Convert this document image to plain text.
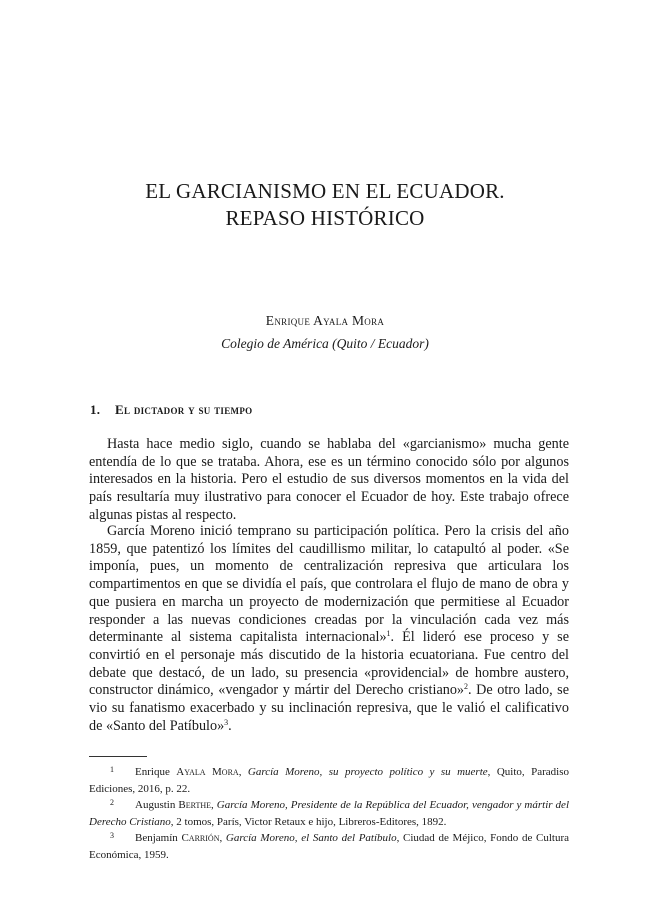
EL GARCIANISMO EN EL ECUADOR.
REPASO HISTÓRICO
Enrique Ayala Mora
Colegio de América (Quito / Ecuador)
1. El dictador y su tiempo
Hasta hace medio siglo, cuando se hablaba del «garcianismo» mucha gente entendía de lo que se trataba. Ahora, ese es un término conocido sólo por algunos interesados en la historia. Pero el estudio de sus diversos momentos en la vida del país resultaría muy ilustrativo para conocer el Ecuador de hoy. Este trabajo ofrece algunas pistas al respecto.
García Moreno inició temprano su participación política. Pero la crisis del año 1859, que patentizó los límites del caudillismo militar, lo catapultó al poder. «Se imponía, pues, un momento de centralización represiva que articulara los compartimentos en que se dividía el país, que controlara el flujo de mano de obra y que pusiera en marcha un proyecto de modernización que permitiese al Ecuador responder a las nuevas condiciones creadas por la vinculación cada vez más determinante al sistema capitalista internacional»$^1$. Él lideró ese proceso y se convirtió en el personaje más discutido de la historia ecuatoriana. Fue centro del debate que destacó, de un lado, su presencia «providencial» de hombre austero, constructor dinámico, «vengador y mártir del Derecho cristiano»$^2$. De otro lado, se vio su fanatismo exacerbado y su inclinación represiva, que le valió el calificativo de «Santo del Patíbulo»$^3$.

1 Enrique Ayala Mora, García Moreno, su proyecto político y su muerte, Quito, Paradiso Ediciones, 2016, p. 22.

2 Augustin Berthe, García Moreno, Presidente de la República del Ecuador, vengador y mártir del Derecho Cristiano, 2 tomos, París, Victor Retaux e hijo, Libreros-Editores, 1892.

3 Benjamín Carrión, García Moreno, el Santo del Patíbulo, Ciudad de Méjico, Fondo de Cultura Económica, 1959.
